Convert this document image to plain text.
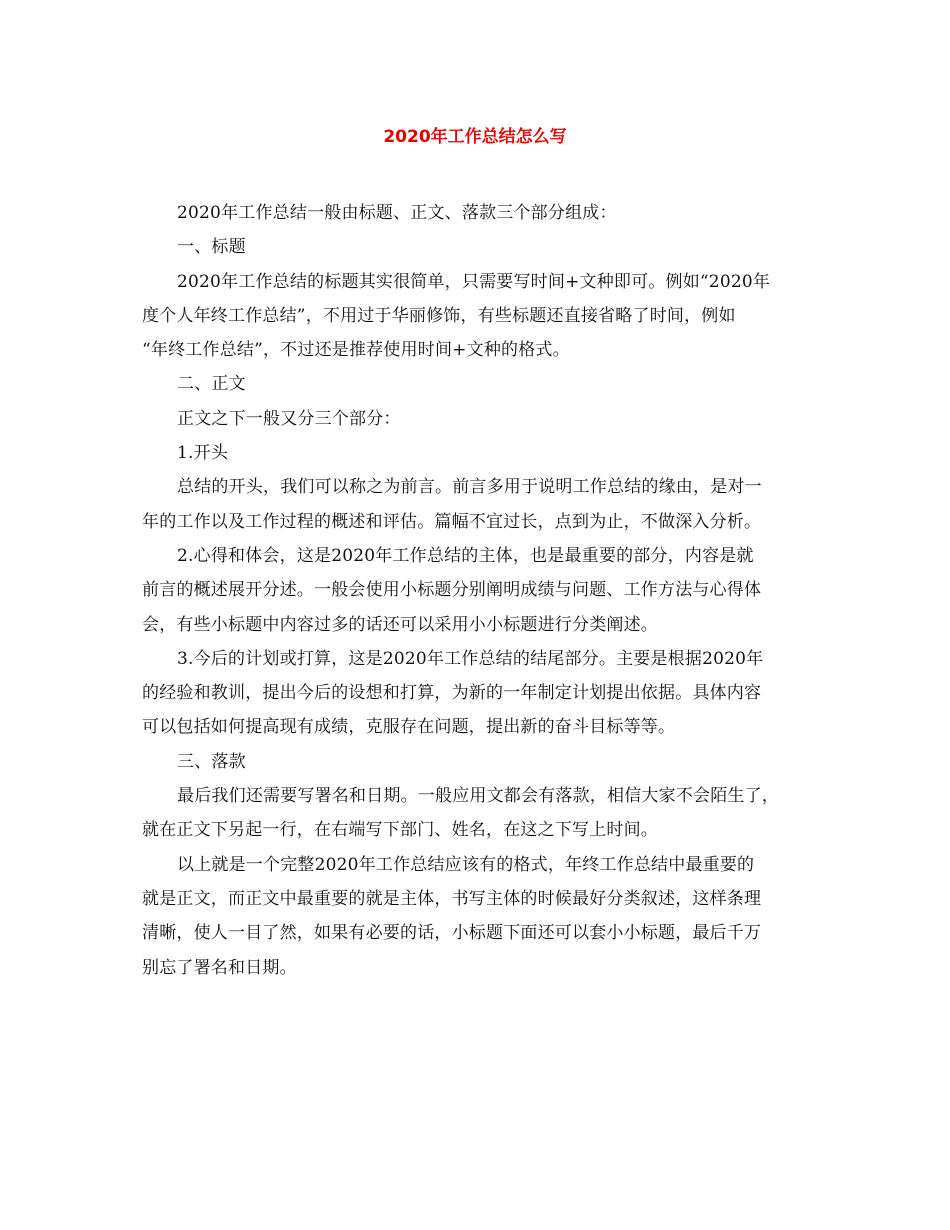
2020年工作总结怎么写
2020年工作总结一般由标题、正文、落款三个部分组成：
一、标题
2020年工作总结的标题其实很简单，只需要写时间+文种即可。例如“2020年
度个人年终工作总结”，不用过于华丽修饰，有些标题还直接省略了时间，例如
“年终工作总结”，不过还是推荐使用时间+文种的格式。
二、正文
正文之下一般又分三个部分：
1.开头
总结的开头，我们可以称之为前言。前言多用于说明工作总结的缘由，是对一
年的工作以及工作过程的概述和评估。篇幅不宜过长，点到为止，不做深入分析。
2.心得和体会，这是2020年工作总结的主体，也是最重要的部分，内容是就
前言的概述展开分述。一般会使用小标题分别阐明成绩与问题、工作方法与心得体
会，有些小标题中内容过多的话还可以采用小小标题进行分类阐述。
3.今后的计划或打算，这是2020年工作总结的结尾部分。主要是根据2020年
的经验和教训，提出今后的设想和打算，为新的一年制定计划提出依据。具体内容
可以包括如何提高现有成绩，克服存在问题，提出新的奋斗目标等等。
三、落款
最后我们还需要写署名和日期。一般应用文都会有落款，相信大家不会陌生了，
就在正文下另起一行，在右端写下部门、姓名，在这之下写上时间。
以上就是一个完整2020年工作总结应该有的格式，年终工作总结中最重要的
就是正文，而正文中最重要的就是主体，书写主体的时候最好分类叙述，这样条理
清晰，使人一目了然，如果有必要的话，小标题下面还可以套小小标题，最后千万
别忘了署名和日期。
